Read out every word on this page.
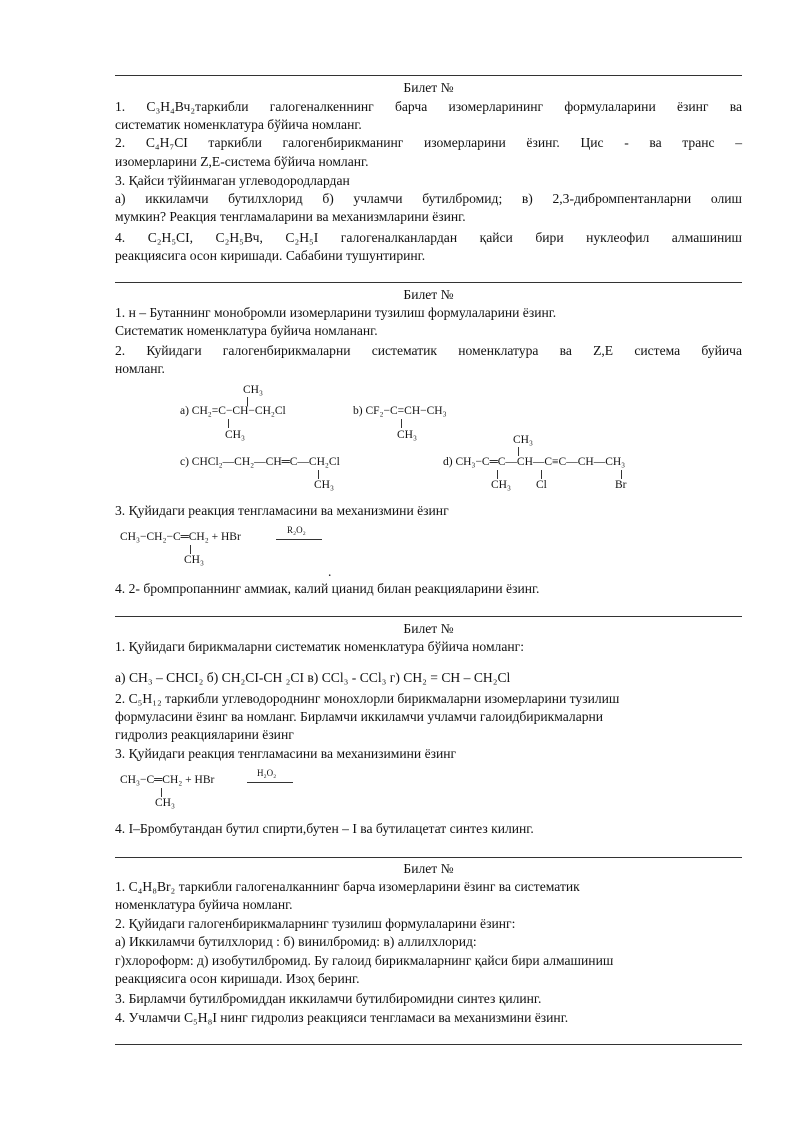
Билет №
1. C₃H₄Вч₂таркибли галогеналкеннинг барча изомерларининг формулаларини ёзинг ва
систематик номенклатура бўйича номланг.
2. C₄H₇CI таркибли галогенбирикманинг изомерларини ёзинг. Цис - ва транс –
изомерларини Z,E-система бўйича номланг.
3. Қайси тўйинмаган углеводородлардан
а) иккиламчи бутилхлорид б) учламчи бутилбромид; в) 2,3-дибромпентанларни олиш
мумкин? Реакция тенгламаларини ва механизмларини ёзинг.
4. C₂H₅CI, C₂H₅Вч, C₂H₅I галогеналканлардан қайси бири нуклеофил алмашиниш
реакциясига осон киришади. Сабабини тушунтиринг.
Билет №
1. н – Бутаннинг монобромли изомерларини тузилиш формулаларини ёзинг.
Систематик номенклатура буйича номлананг.
2. Куйидаги галогенбирикмаларни систематик номенклатура ва Z,E система буйича
номланг.
CH₃
а) CH₂=C−CH−CH₂Cl
CH₃
b) CF₂−C=CH−CH₃
CH₃
c) CHCl₂—CH₂—CH═C—CH₂Cl
CH₃
CH₃
d) CH₃−C═C—CH—C≡C—CH—CH₃
CH₃ Cl	Br
3. Қуйидаги реакция тенгламасини ва механизмини ёзинг
CH₃−CH₂−C═CH₂ + HBr
R₂O₂
CH₃
.
4. 2- бромпропаннинг аммиак, калий цианид билан реакцияларини ёзинг.
Билет №
1. Қуйидаги бирикмаларни систематик номенклатура бўйича номланг:
а) CH₃ – CHCI₂ б) CH₂CI-CH ₂CI в) CCl₃ - CCl₃ г) CH₂ = CH – CH₂Cl
2. C₅H₁₂ таркибли углеводороднинг монохлорли бирикмаларни изомерларини тузилиш
формуласини ёзинг ва номланг. Бирламчи иккиламчи учламчи галоидбирикмаларни
гидролиз реакцияларини ёзинг
3. Қуйидаги реакция тенгламасини ва механизимини ёзинг
CH₃−C═CH₂ + HBr
H₂O₂
CH₃
4. I–Бромбутандан бутил спирти,бутен – I ва бутилацетат синтез килинг.
Билет №
1. C₄H₈Br₂ таркибли галогеналканнинг барча изомерларини ёзинг ва систематик
номенклатура буйича номланг.
2. Қуйидаги галогенбирикмаларнинг тузилиш формулаларини ёзинг:
а) Иккиламчи бутилхлорид : б) винилбромид: в) аллилхлорид:
г)хлороформ: д) изобутилбромид. Бу галоид бирикмаларнинг қайси бири алмашиниш
реакциясига осон киришади. Изоҳ беринг.
3. Бирламчи бутилбромиддан иккиламчи бутилбиромидни синтез қилинг.
4. Учламчи C₅H₈I нинг гидролиз реакцияси тенгламаси ва механизмини ёзинг.
